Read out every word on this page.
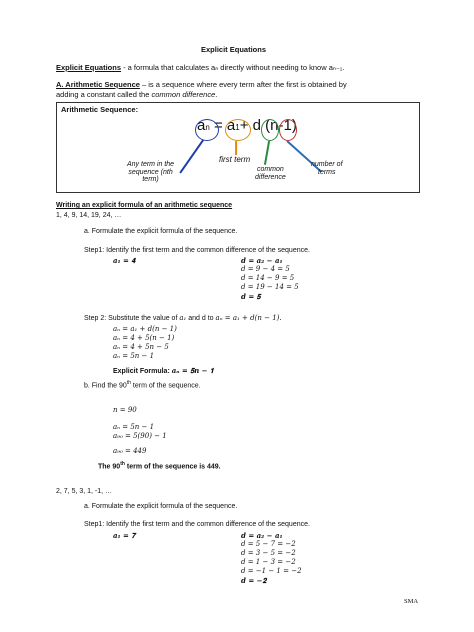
Explicit Equations
Explicit Equations - a formula that calculates aₙ directly without needing to know aₙ₋₁.
A. Arithmetic Sequence – is a sequence where every term after the first is obtained by
adding a constant called the common difference.
Arithmetic Sequence:
an = a1+ d (n-1)
Any term in the
sequence (nth
term)
first term
common
difference
number of
terms
Writing an explicit formula of an arithmetic sequence
1, 4, 9, 14, 19, 24, …
a. Formulate the explicit formula of the sequence.
Step1: Identify the first term and the common difference of the sequence.
𝒂₁ = 𝟒	𝒅 = 𝒂₂ − 𝒂₁
𝑑 = 9 − 4 = 5
𝑑 = 14 − 9 = 5
𝑑 = 19 − 14 = 5
𝒅 = 𝟓
Step 2: Substitute the value of 𝑎₁ and d to 𝑎ₙ = 𝑎₁ + 𝑑(𝑛 − 1).
𝑎ₙ = 𝑎₁ + 𝑑(𝑛 − 1)
𝑎ₙ = 4 + 5(𝑛 − 1)
𝑎ₙ = 4 + 5𝑛 − 5
𝑎ₙ = 5𝑛 − 1
Explicit Formula: 𝒂ₙ = 𝟓𝒏 − 𝟏
b. Find the 90th term of the sequence.
𝑛 = 90
𝑎ₙ = 5𝑛 − 1
𝑎₉₀ = 5(90) − 1
𝑎₉₀ = 449
The 90th term of the sequence is 449.
2, 7, 5, 3, 1, -1, …
a. Formulate the explicit formula of the sequence.
Step1: Identify the first term and the common difference of the sequence.
𝒂₁ = 𝟕	𝒅 = 𝒂₂ − 𝒂₁
𝑑 = 5 − 7 = −2
𝑑 = 3 − 5 = −2
𝑑 = 1 − 3 = −2
𝑑 = −1 − 1 = −2
𝒅 = −𝟐
SMA
